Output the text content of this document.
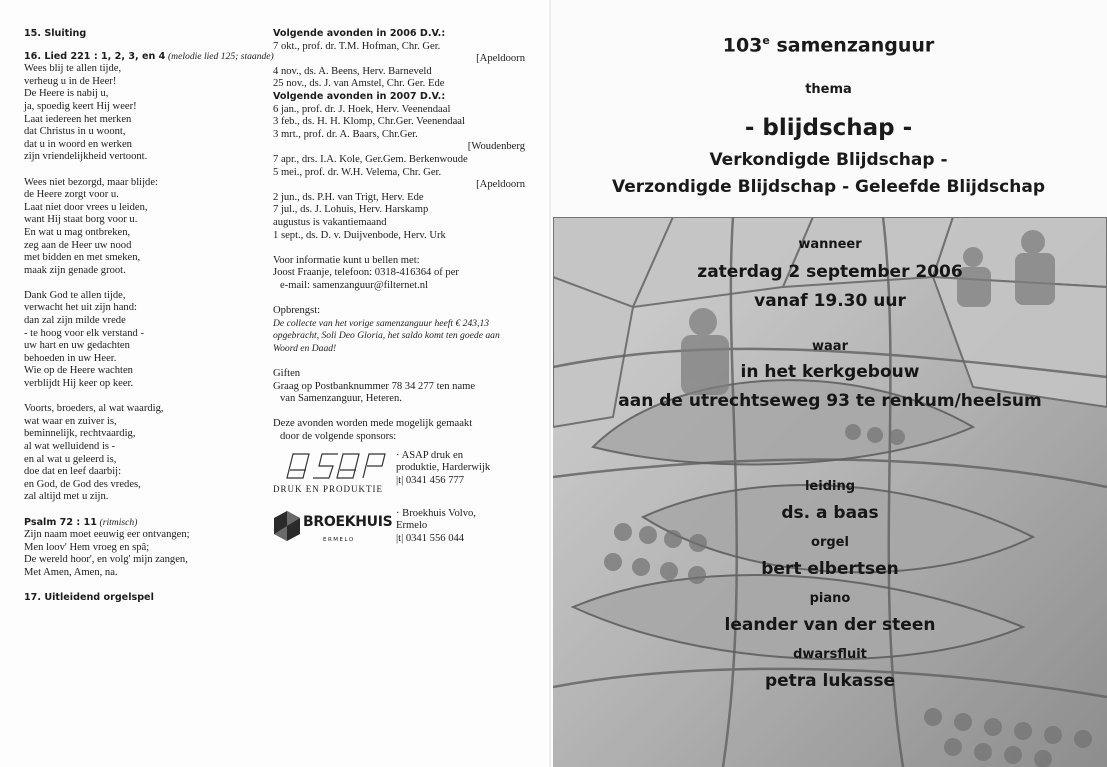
15. Sluiting
16. Lied 221 : 1, 2, 3, en 4 (melodie lied 125; staande)
Wees blij te allen tijde,
verheug u in de Heer!
De Heere is nabij u,
ja, spoedig keert Hij weer!
Laat iedereen het merken
dat Christus in u woont,
dat u in woord en werken
zijn vriendelijkheid vertoont.
Wees niet bezorgd, maar blijde:
de Heere zorgt voor u.
Laat niet door vrees u leiden,
want Hij staat borg voor u.
En wat u mag ontbreken,
zeg aan de Heer uw nood
met bidden en met smeken,
maak zijn genade groot.
Dank God te allen tijde,
verwacht het uit zijn hand:
dan zal zijn milde vrede
- te hoog voor elk verstand -
uw hart en uw gedachten
behoeden in uw Heer.
Wie op de Heere wachten
verblijdt Hij keer op keer.
Voorts, broeders, al wat waardig,
wat waar en zuiver is,
beminnelijk, rechtvaardig,
al wat welluidend is -
en al wat u geleerd is,
doe dat en leef daarbij:
en God, de God des vredes,
zal altijd met u zijn.
Psalm 72 : 11 (ritmisch)
Zijn naam moet eeuwig eer ontvangen;
Men loov' Hem vroeg en spâ;
De wereld hoor', en volg' mijn zangen,
Met Amen, Amen, na.
17. Uitleidend orgelspel
Volgende avonden in 2006 D.V.:
7 okt., prof. dr. T.M. Hofman, Chr. Ger.
[Apeldoorn
4 nov., ds. A. Beens, Herv. Barneveld
25 nov., ds. J. van Amstel, Chr. Ger. Ede
Volgende avonden in 2007 D.V.:
6 jan., prof. dr. J. Hoek, Herv. Veenendaal
3 feb., ds. H. H. Klomp, Chr.Ger. Veenendaal
3 mrt., prof. dr. A. Baars, Chr.Ger.
[Woudenberg
7 apr., drs. I.A. Kole, Ger.Gem. Berkenwoude
5 mei., prof. dr. W.H. Velema, Chr. Ger.
[Apeldoorn
2 jun., ds. P.H. van Trigt, Herv. Ede
7 jul., ds. J. Lohuis, Herv. Harskamp
augustus is vakantiemaand
1 sept., ds. D. v. Duijvenbode, Herv. Urk
Voor informatie kunt u bellen met:
Joost Fraanje, telefoon: 0318-416364 of per
e-mail: samenzanguur@filternet.nl
Opbrengst:
De collecte van het vorige samenzanguur heeft € 243,13
opgebracht, Soli Deo Gloria, het saldo komt ten goede aan
Woord en Daad!
Giften
Graag op Postbanknummer 78 34 277 ten name
van Samenzanguur, Heteren.
Deze avonden worden mede mogelijk gemaakt
door de volgende sponsors:
DRUK EN PRODUKTIE
· ASAP druk en
produktie, Harderwijk
|t| 0341 456 777
BROEKHUIS
ERMELO
· Broekhuis Volvo,
Ermelo
|t| 0341 556 044
103e samenzanguur
thema
- blijdschap -
Verkondigde Blijdschap -
Verzondigde Blijdschap - Geleefde Blijdschap
wanneer
zaterdag 2 september 2006
vanaf 19.30 uur
waar
in het kerkgebouw
aan de utrechtseweg 93 te renkum/heelsum
leiding
ds. a baas
orgel
bert elbertsen
piano
leander van der steen
dwarsfluit
petra lukasse
